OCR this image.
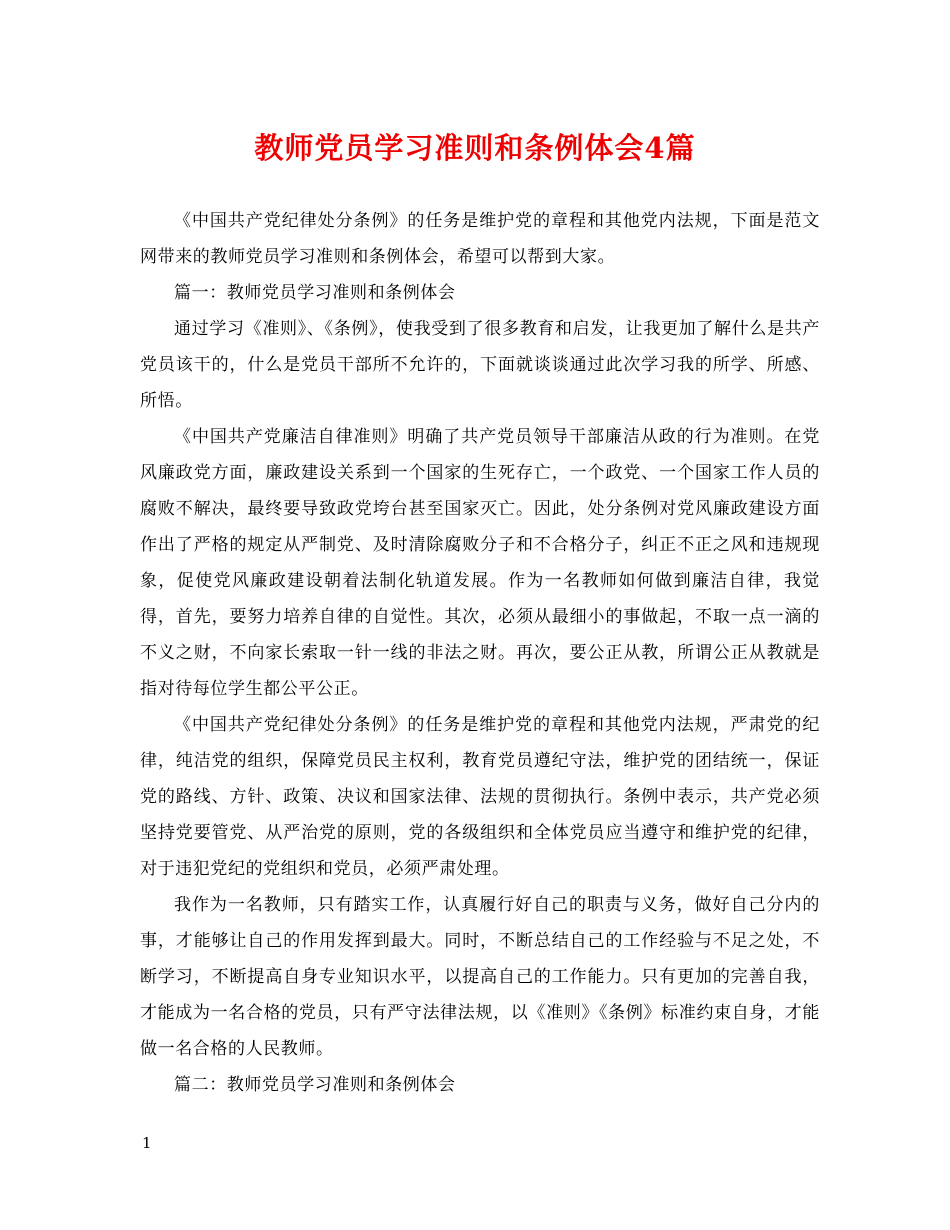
教师党员学习准则和条例体会4篇

《中国共产党纪律处分条例》的任务是维护党的章程和其他党内法规，下面是范文网带来的教师党员学习准则和条例体会，希望可以帮到大家。

篇一：教师党员学习准则和条例体会

通过学习《准则》、《条例》，使我受到了很多教育和启发，让我更加了解什么是共产党员该干的，什么是党员干部所不允许的，下面就谈谈通过此次学习我的所学、所感、所悟。

《中国共产党廉洁自律准则》明确了共产党员领导干部廉洁从政的行为准则。在党风廉政党方面，廉政建设关系到一个国家的生死存亡，一个政党、一个国家工作人员的腐败不解决，最终要导致政党垮台甚至国家灭亡。因此，处分条例对党风廉政建设方面作出了严格的规定从严制党、及时清除腐败分子和不合格分子，纠正不正之风和违规现象，促使党风廉政建设朝着法制化轨道发展。作为一名教师如何做到廉洁自律，我觉得，首先，要努力培养自律的自觉性。其次，必须从最细小的事做起，不取一点一滴的不义之财，不向家长索取一针一线的非法之财。再次，要公正从教，所谓公正从教就是指对待每位学生都公平公正。

《中国共产党纪律处分条例》的任务是维护党的章程和其他党内法规，严肃党的纪律，纯洁党的组织，保障党员民主权利，教育党员遵纪守法，维护党的团结统一，保证党的路线、方针、政策、决议和国家法律、法规的贯彻执行。条例中表示，共产党必须坚持党要管党、从严治党的原则，党的各级组织和全体党员应当遵守和维护党的纪律，对于违犯党纪的党组织和党员，必须严肃处理。

我作为一名教师，只有踏实工作，认真履行好自己的职责与义务，做好自己分内的事，才能够让自己的作用发挥到最大。同时，不断总结自己的工作经验与不足之处，不断学习，不断提高自身专业知识水平，以提高自己的工作能力。只有更加的完善自我，才能成为一名合格的党员，只有严守法律法规，以《准则》《条例》标准约束自身，才能做一名合格的人民教师。

篇二：教师党员学习准则和条例体会

1
